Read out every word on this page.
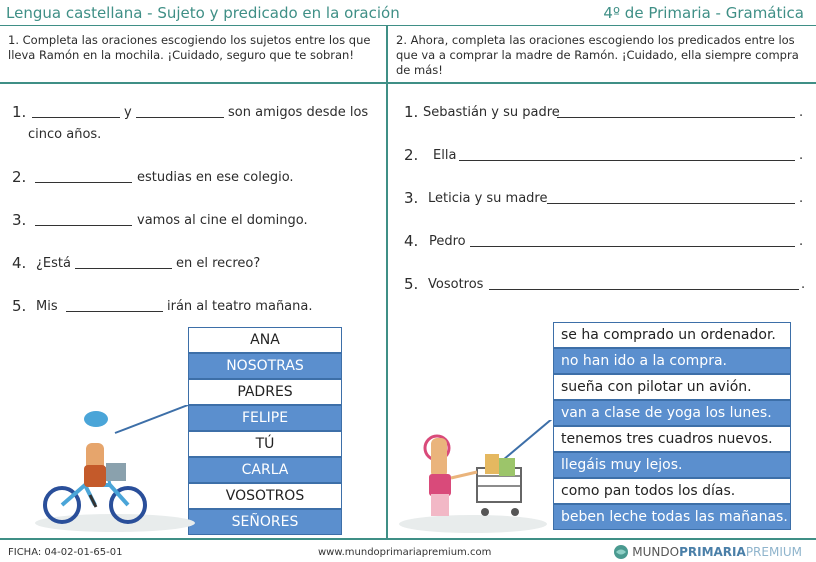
Lengua castellana - Sujeto y predicado en la oración	4º de Primaria - Gramática
1. Completa las oraciones escogiendo los sujetos entre los que lleva Ramón en la mochila. ¡Cuidado, seguro que te sobran!
2. Ahora, completa las oraciones escogiendo los predicados entre los que va a comprar la madre de Ramón. ¡Cuidado, ella siempre compra de más!
1.	y	son amigos desde los
cinco años.
2.	estudias en ese colegio.
3.	vamos al cine el domingo.
4. ¿Está	en el recreo?
5. Mis	irán al teatro mañana.
1. Sebastián y su padre	.
2. Ella	.
3. Leticia y su madre	.
4. Pedro	.
5. Vosotros	.
ANA
NOSOTRAS
PADRES
FELIPE
TÚ
CARLA
VOSOTROS
SEÑORES
se ha comprado un ordenador.
no han ido a la compra.
sueña con pilotar un avión.
van a clase de yoga los lunes.
tenemos tres cuadros nuevos.
llegáis muy lejos.
como pan todos los días.
beben leche todas las mañanas.
FICHA: 04-02-01-65-01	www.mundoprimariapremium.com	MUNDO PRIMARIA PREMIUM
